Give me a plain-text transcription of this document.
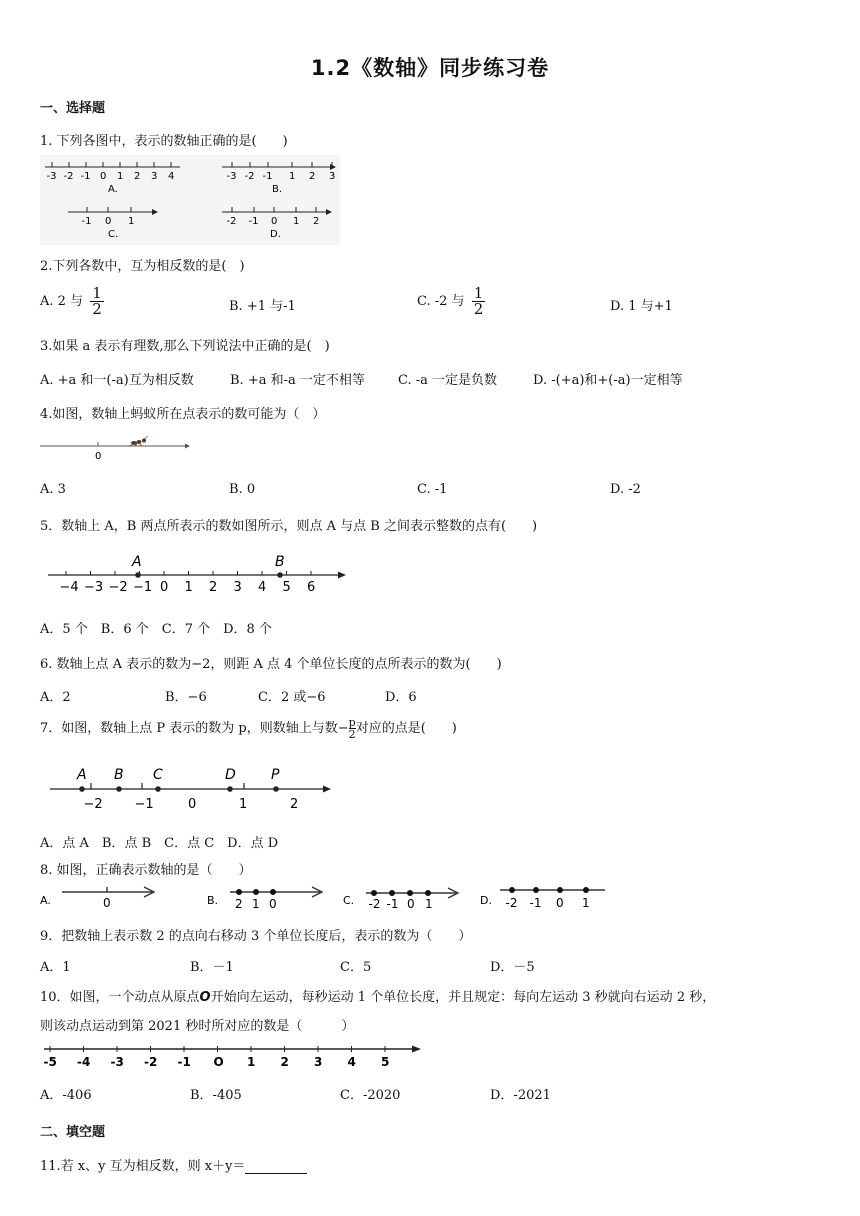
1.2《数轴》同步练习卷
一、选择题
1. 下列各图中，表示的数轴正确的是(　　)
-3 -2 -1 0 1 2 3 4
A.
-3 -2 -1 1 2 3
B.
-1 0 1
C.
-2 -1 0 1 2
D.
2.下列各数中，互为相反数的是(　)
A. 2 与 $\frac{1}{2}$	B. +1 与-1	C. -2 与 $\frac{1}{2}$	D. 1 与+1
3.如果 a 表示有理数,那么下列说法中正确的是(　)
A. +a 和一(-a)互为相反数	B. +a 和-a 一定不相等	C. -a 一定是负数	D. -(+a)和+(-a)一定相等
4.如图，数轴上蚂蚁所在点表示的数可能为（　）
0
A. 3	B. 0	C. -1	D. -2
5．数轴上 A，B 两点所表示的数如图所示，则点 A 与点 B 之间表示整数的点有(　　)
−4 −3 −2 −1 0 1 2 3 4 5 6
A	B
A．5 个　B．6 个　C．7 个　D．8 个
6. 数轴上点 A 表示的数为−2，则距 A 点 4 个单位长度的点所表示的数为(　　)
A．2	B．−6	C．2 或−6	D．6
7．如图，数轴上点 P 表示的数为 p，则数轴上与数− $\frac{p}{2}$对应的点是(　　)
−2 −1	0	1	2
A B C	D	P
A．点 A　B．点 B　C．点 C　D．点 D
8. 如图，正确表示数轴的是（　　）
A.	0	B. 2 1 0	C. -2 -1 0 1	D. -2 -1 0 1
9．把数轴上表示数 2 的点向右移动 3 个单位长度后，表示的数为（　　）
A．1	B．－1	C．5	D．－5
10．如图，一个动点从原点O开始向左运动，每秒运动 1 个单位长度，并且规定：每向左运动 3 秒就向右运动 2 秒，
则该动点运动到第 2021 秒时所对应的数是（　　　）
-5 -4 -3 -2 -1 O 1 2 3 4 5
A．-406	B．-405	C．-2020	D．-2021
二、填空题
11.若 x、y 互为相反数，则 x＋y＝
